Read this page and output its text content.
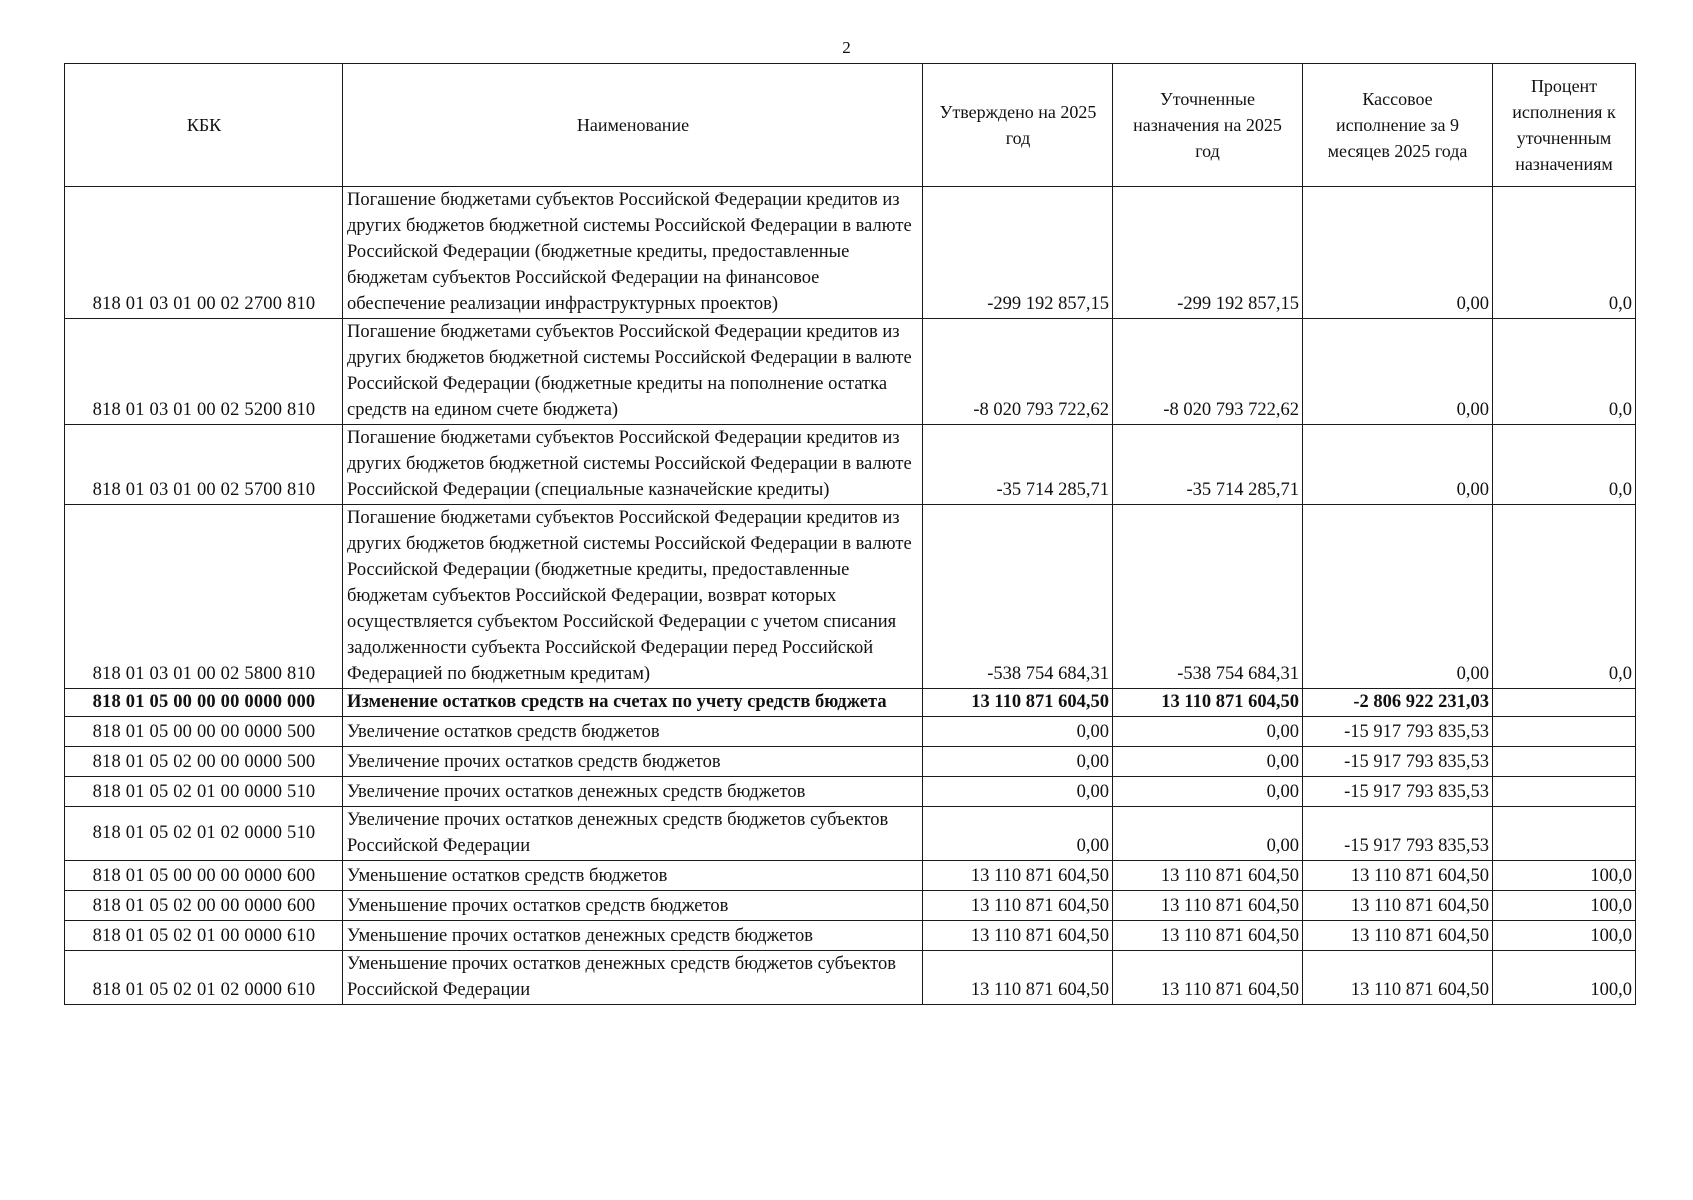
2
КБК	Наименование	Утверждено на 2025 год	Уточненные назначения на 2025 год	Кассовое исполнение за 9 месяцев 2025 года	Процент исполнения к уточненным назначениям
818 01 03 01 00 02 2700 810	Погашение бюджетами субъектов Российской Федерации кредитов из других бюджетов бюджетной системы Российской Федерации в валюте Российской Федерации (бюджетные кредиты, предоставленные бюджетам субъектов Российской Федерации на финансовое обеспечение реализации инфраструктурных проектов)	-299 192 857,15	-299 192 857,15	0,00	0,0
818 01 03 01 00 02 5200 810	Погашение бюджетами субъектов Российской Федерации кредитов из других бюджетов бюджетной системы Российской Федерации в валюте Российской Федерации (бюджетные кредиты на пополнение остатка средств на едином счете бюджета)	-8 020 793 722,62	-8 020 793 722,62	0,00	0,0
818 01 03 01 00 02 5700 810	Погашение бюджетами субъектов Российской Федерации кредитов из других бюджетов бюджетной системы Российской Федерации в валюте Российской Федерации (специальные казначейские кредиты)	-35 714 285,71	-35 714 285,71	0,00	0,0
818 01 03 01 00 02 5800 810	Погашение бюджетами субъектов Российской Федерации кредитов из других бюджетов бюджетной системы Российской Федерации в валюте Российской Федерации (бюджетные кредиты, предоставленные бюджетам субъектов Российской Федерации, возврат которых осуществляется субъектом Российской Федерации с учетом списания задолженности субъекта Российской Федерации перед Российской Федерацией по бюджетным кредитам)	-538 754 684,31	-538 754 684,31	0,00	0,0
818 01 05 00 00 00 0000 000	Изменение остатков средств на счетах по учету средств бюджета	13 110 871 604,50	13 110 871 604,50	-2 806 922 231,03	
818 01 05 00 00 00 0000 500	Увеличение остатков средств бюджетов	0,00	0,00	-15 917 793 835,53	
818 01 05 02 00 00 0000 500	Увеличение прочих остатков средств бюджетов	0,00	0,00	-15 917 793 835,53	
818 01 05 02 01 00 0000 510	Увеличение прочих остатков денежных средств бюджетов	0,00	0,00	-15 917 793 835,53	
818 01 05 02 01 02 0000 510	Увеличение прочих остатков денежных средств бюджетов субъектов Российской Федерации	0,00	0,00	-15 917 793 835,53	
818 01 05 00 00 00 0000 600	Уменьшение остатков средств бюджетов	13 110 871 604,50	13 110 871 604,50	13 110 871 604,50	100,0
818 01 05 02 00 00 0000 600	Уменьшение прочих остатков средств бюджетов	13 110 871 604,50	13 110 871 604,50	13 110 871 604,50	100,0
818 01 05 02 01 00 0000 610	Уменьшение прочих остатков денежных средств бюджетов	13 110 871 604,50	13 110 871 604,50	13 110 871 604,50	100,0
818 01 05 02 01 02 0000 610	Уменьшение прочих остатков денежных средств бюджетов субъектов Российской Федерации	13 110 871 604,50	13 110 871 604,50	13 110 871 604,50	100,0
